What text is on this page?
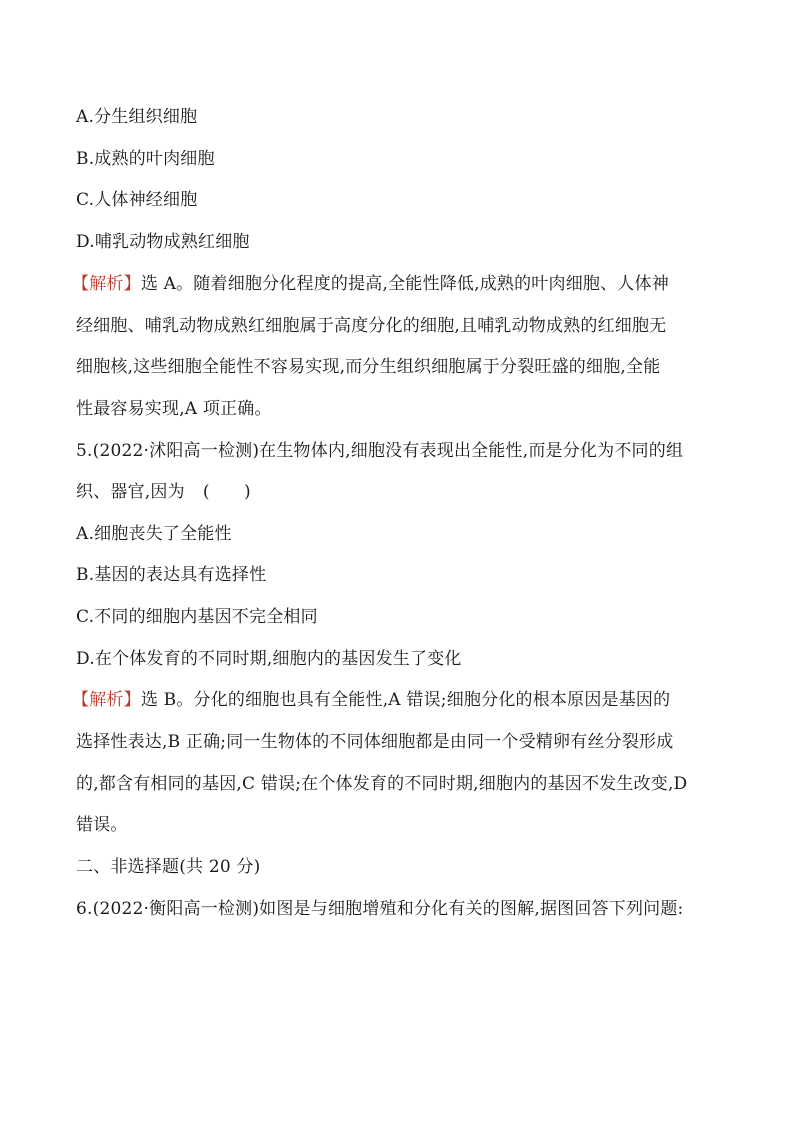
A.分生组织细胞
B.成熟的叶肉细胞
C.人体神经细胞
D.哺乳动物成熟红细胞
【解析】选 A。随着细胞分化程度的提高,全能性降低,成熟的叶肉细胞、人体神
经细胞、哺乳动物成熟红细胞属于高度分化的细胞,且哺乳动物成熟的红细胞无
细胞核,这些细胞全能性不容易实现,而分生组织细胞属于分裂旺盛的细胞,全能
性最容易实现,A 项正确。
5.(2022·沭阳高一检测)在生物体内,细胞没有表现出全能性,而是分化为不同的组
织、器官,因为 (　　)
A.细胞丧失了全能性
B.基因的表达具有选择性
C.不同的细胞内基因不完全相同
D.在个体发育的不同时期,细胞内的基因发生了变化
【解析】选 B。分化的细胞也具有全能性,A 错误;细胞分化的根本原因是基因的
选择性表达,B 正确;同一生物体的不同体细胞都是由同一个受精卵有丝分裂形成
的,都含有相同的基因,C 错误;在个体发育的不同时期,细胞内的基因不发生改变,D
错误。
二、非选择题(共 20 分)
6.(2022·衡阳高一检测)如图是与细胞增殖和分化有关的图解,据图回答下列问题:
